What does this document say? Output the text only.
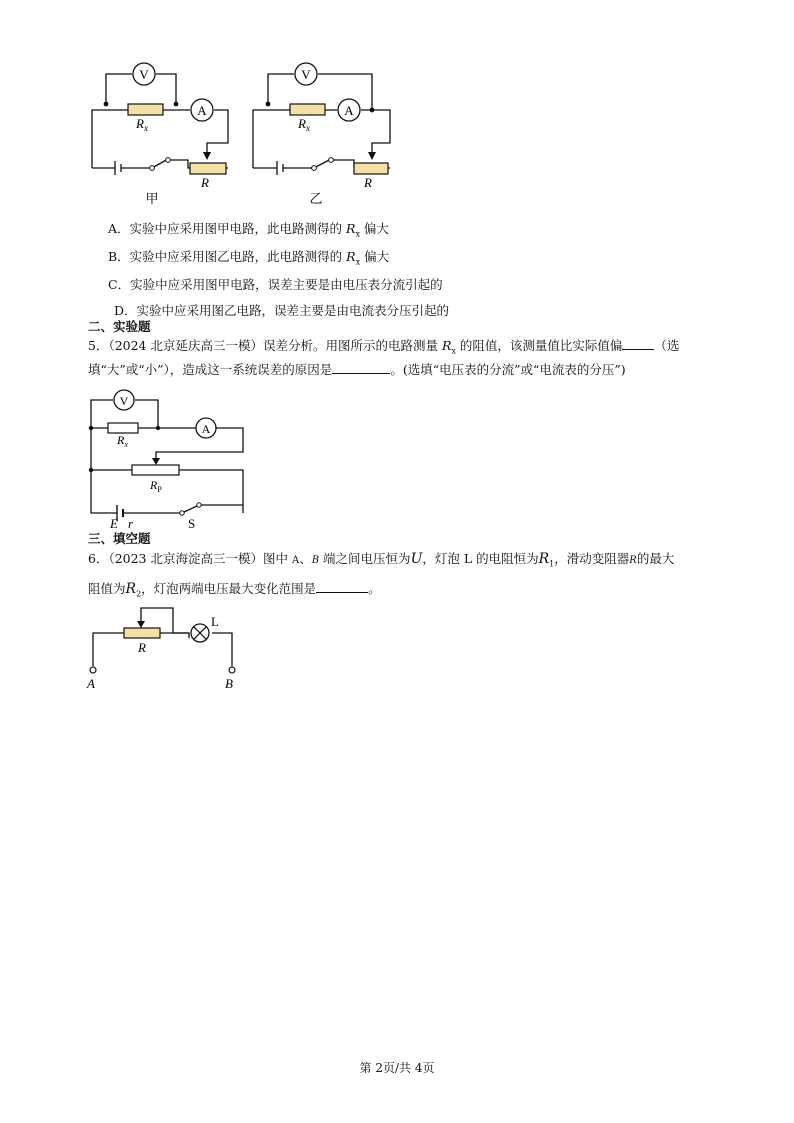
V
$R_x$
A
R
甲
V
$R_x$
A
R
乙
A．实验中应采用图甲电路，此电路测得的 $R_x$ 偏大
B．实验中应采用图乙电路，此电路测得的 $R_x$ 偏大
C．实验中应采用图甲电路，误差主要是由电压表分流引起的
D．实验中应采用图乙电路，误差主要是由电流表分压引起的
二、实验题
5．（2024 北京延庆高三一模）误差分析。用图所示的电路测量 $R_x$ 的阻值，该测量值比实际值偏	（选
填“大”或“小”），造成这一系统误差的原因是	。(选填“电压表的分流”或“电流表的分压”)
V
$R_x$
A
$R_P$
E r	S
三、填空题
6．（2023 北京海淀高三一模）图中 A、B 端之间电压恒为U，灯泡 L 的电阻恒为$R_1$，滑动变阻器R的最大
阻值为$R_2$，灯泡两端电压最大变化范围是	。
R
L
A	B
第 2页/共 4页
